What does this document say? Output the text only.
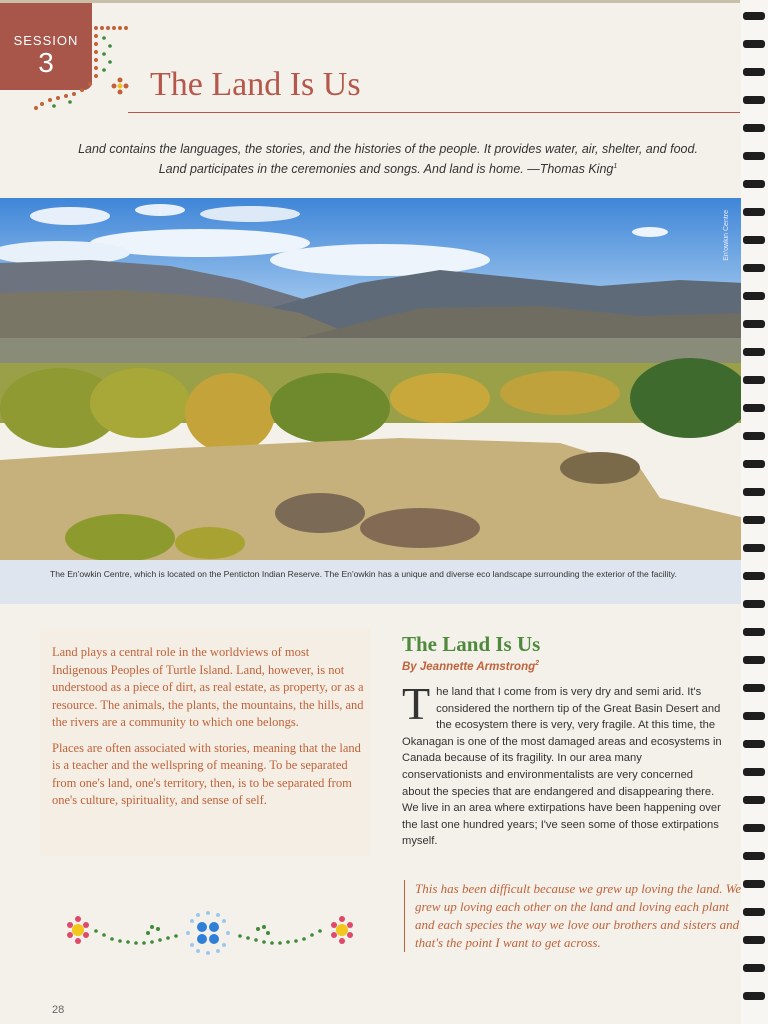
SESSION
3
The Land Is Us
Land contains the languages, the stories, and the histories of the people. It provides water, air, shelter, and food.
Land participates in the ceremonies and songs. And land is home. —Thomas King$^1$
En'owkin Centre
The En'owkin Centre, which is located on the Penticton Indian Reserve. The En'owkin has a unique and diverse eco landscape surrounding the exterior of the facility.

Land plays a central role in the worldviews of most Indigenous Peoples of Turtle Island. Land, however, is not understood as a piece of dirt, as real estate, as property, or as a resource. The animals, the plants, the mountains, the hills, and the rivers are a community to which one belongs.

Places are often associated with stories, meaning that the land is a teacher and the wellspring of meaning. To be separated from one's land, one's territory, then, is to be separated from one's culture, spirituality, and sense of self.

The Land Is Us
By Jeannette Armstrong$^2$
The land that I come from is very dry and semi arid. It's considered the northern tip of the Great Basin Desert and the ecosystem there is very, very fragile. At this time, the Okanagan is one of the most damaged areas and ecosystems in Canada because of its fragility. In our area many conservationists and environmentalists are very concerned about the species that are endangered and disappearing there. We live in an area where extirpations have been happening over the last one hundred years; I've seen some of those extirpations myself.
This has been difficult because we grew up loving the land. We grew up loving each other on the land and loving each plant and each species the way we love our brothers and sisters and that's the point I want to get across.
28
